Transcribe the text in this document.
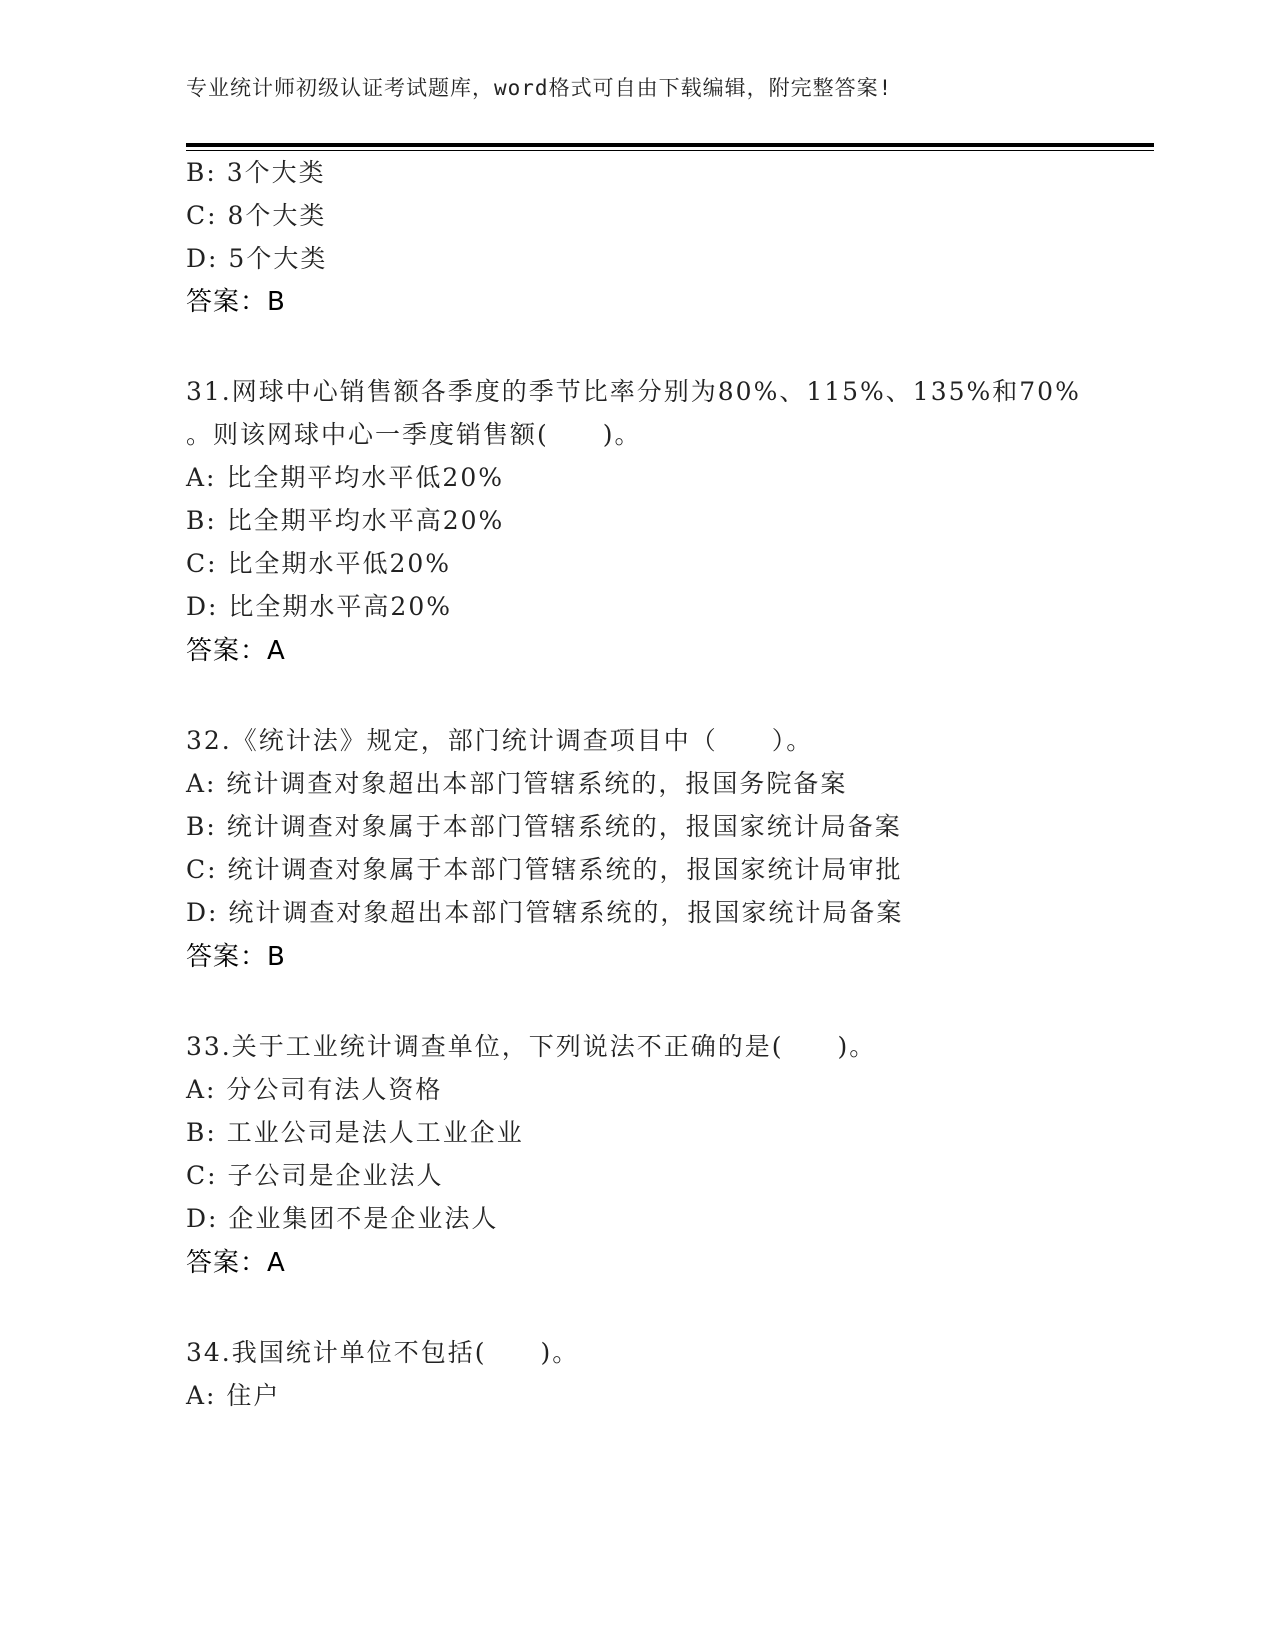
专业统计师初级认证考试题库，word格式可自由下载编辑，附完整答案!
B: 3个大类
C: 8个大类
D: 5个大类
答案：B
31.网球中心销售额各季度的季节比率分别为80%、115%、135%和70%
。则该网球中心一季度销售额(　　)。
A: 比全期平均水平低20%
B: 比全期平均水平高20%
C: 比全期水平低20%
D: 比全期水平高20%
答案：A
32.《统计法》规定，部门统计调查项目中（　　）。
A: 统计调查对象超出本部门管辖系统的，报国务院备案
B: 统计调查对象属于本部门管辖系统的，报国家统计局备案
C: 统计调查对象属于本部门管辖系统的，报国家统计局审批
D: 统计调查对象超出本部门管辖系统的，报国家统计局备案
答案：B
33.关于工业统计调查单位，下列说法不正确的是(　　)。
A: 分公司有法人资格
B: 工业公司是法人工业企业
C: 子公司是企业法人
D: 企业集团不是企业法人
答案：A
34.我国统计单位不包括(　　)。
A: 住户
